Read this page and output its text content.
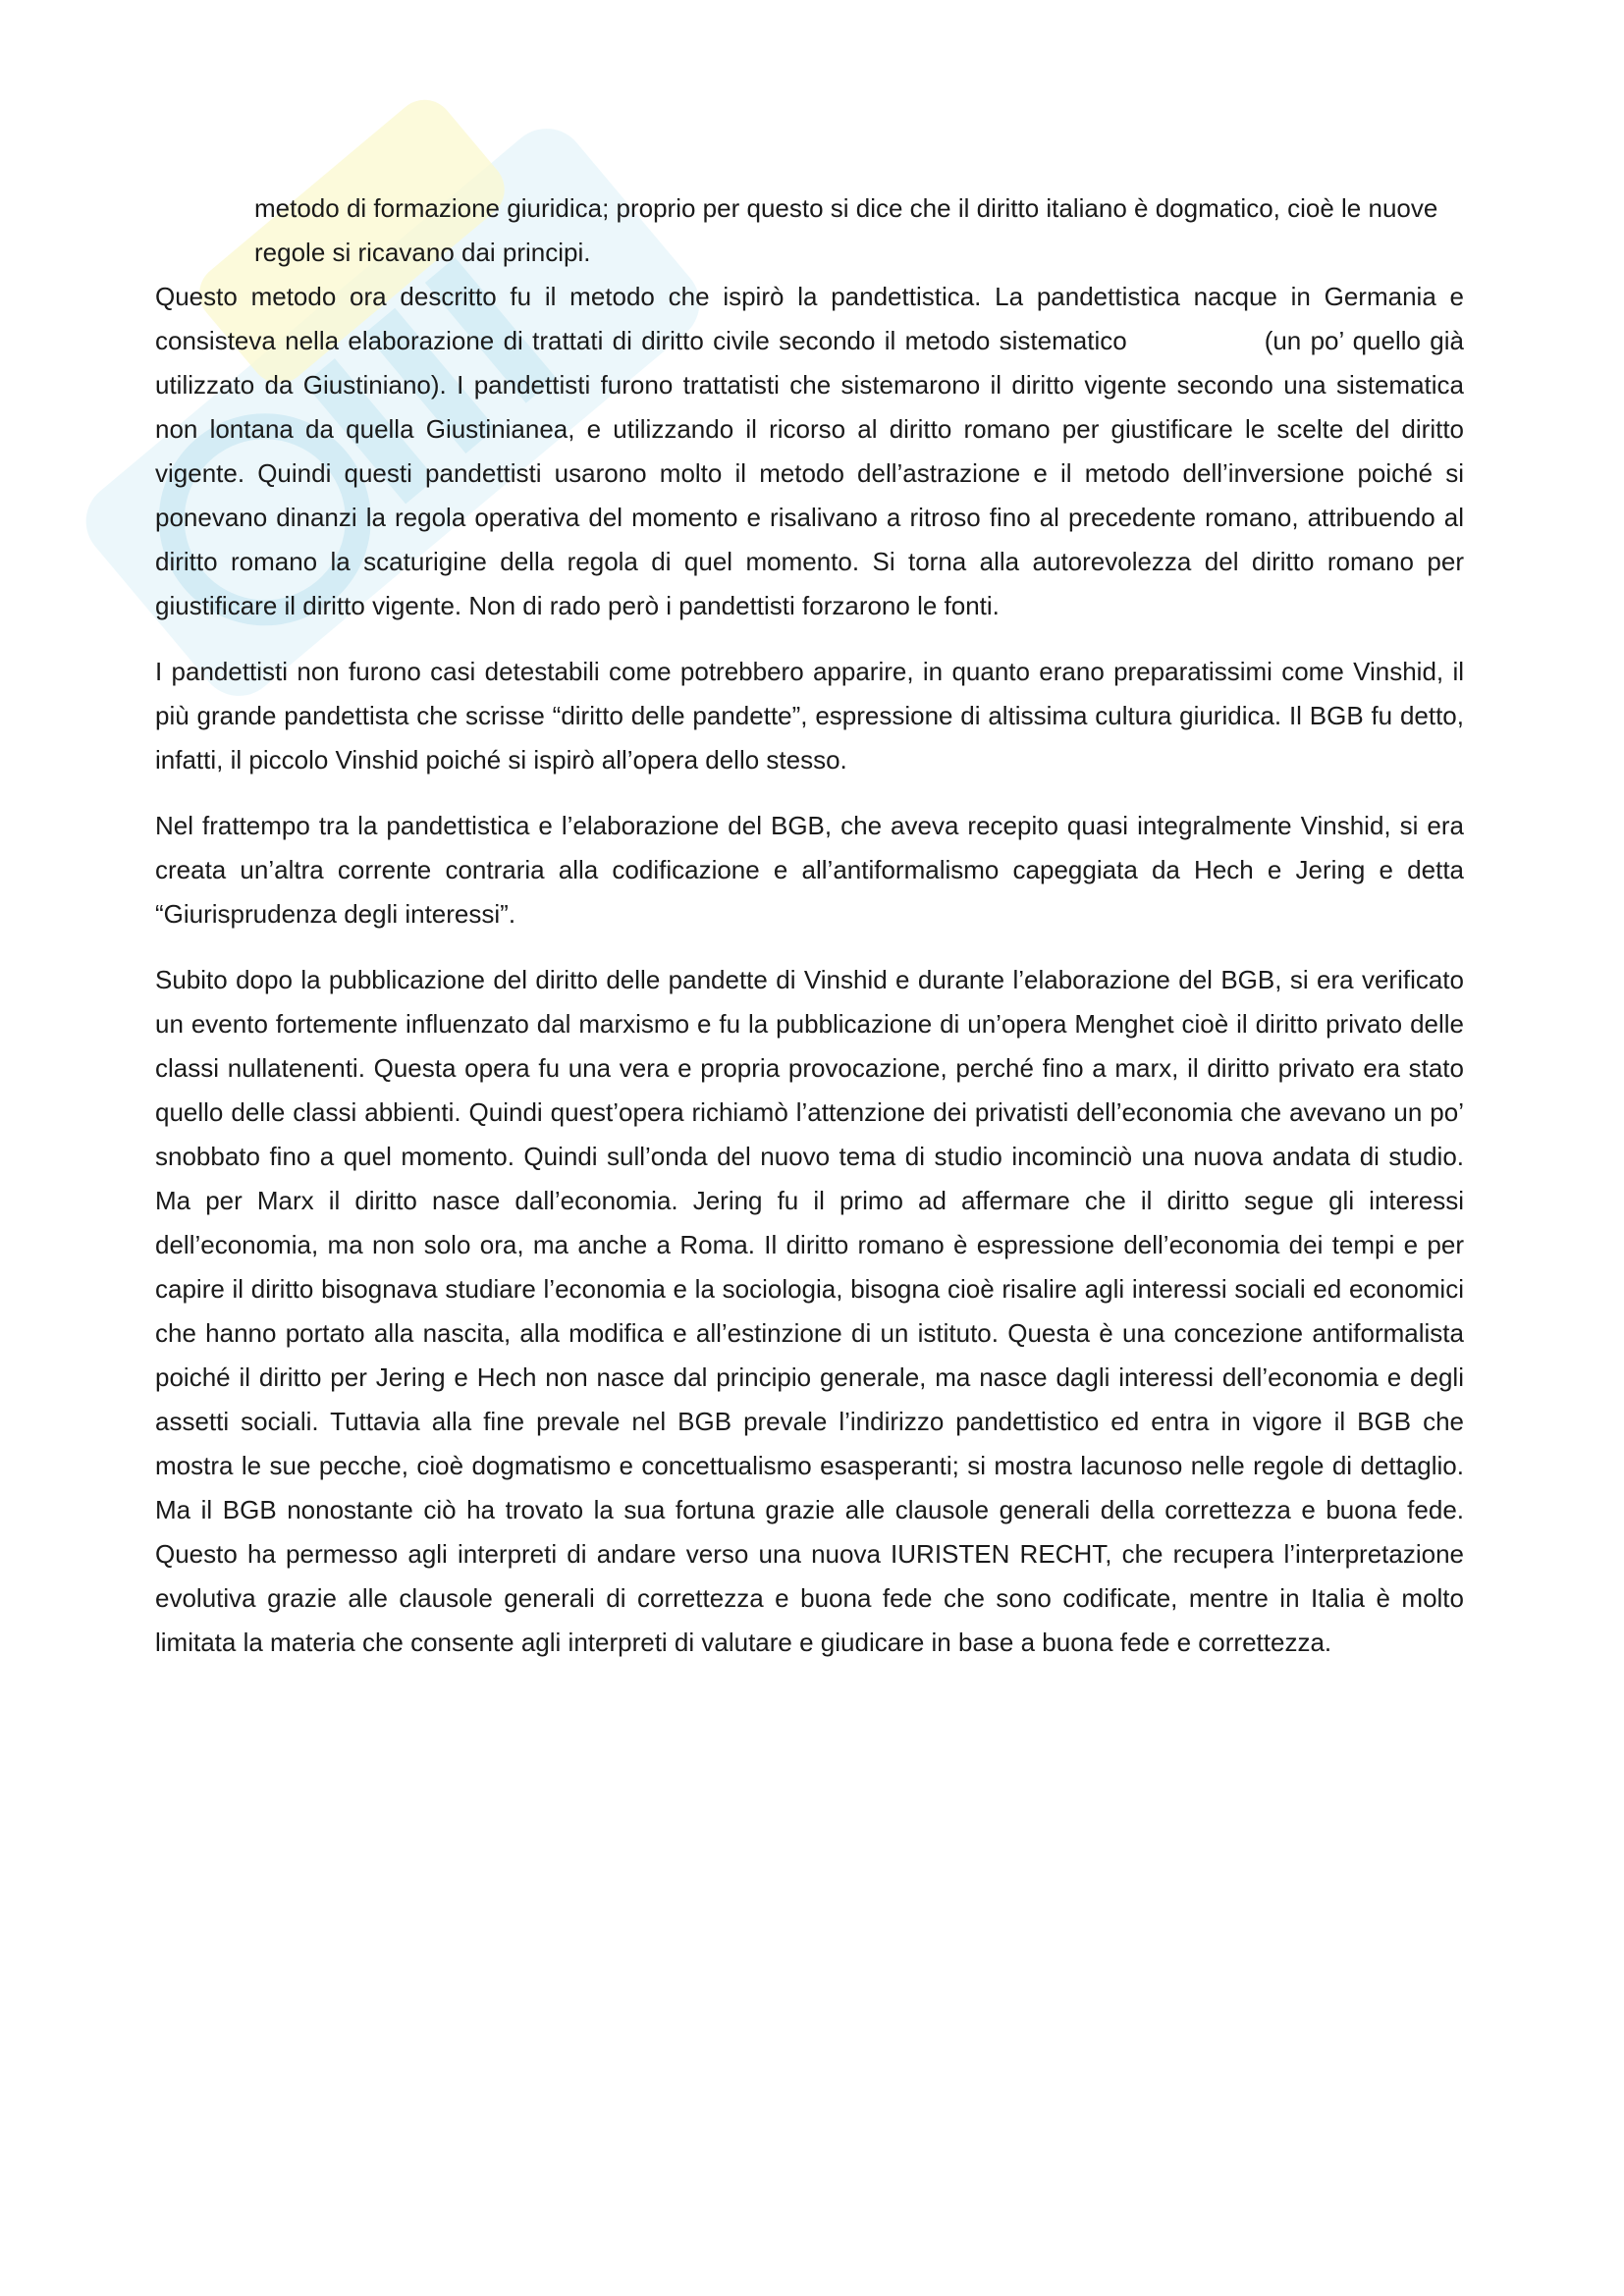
metodo di formazione giuridica; proprio per questo si dice che il diritto italiano è dogmatico, cioè le nuove regole si ricavano dai principi.

Questo metodo ora descritto fu il metodo che ispirò la pandettistica. La pandettistica nacque in Germania e consisteva nella elaborazione di trattati di diritto civile secondo il metodo sistematico	(un po’ quello già utilizzato da Giustiniano). I pandettisti furono trattatisti che sistemarono il diritto vigente secondo una sistematica non lontana da quella Giustinianea, e utilizzando il ricorso al diritto romano per giustificare le scelte del diritto vigente. Quindi questi pandettisti usarono molto il metodo dell’astrazione e il metodo dell’inversione poiché si ponevano dinanzi la regola operativa del momento e risalivano a ritroso fino al precedente romano, attribuendo al diritto romano la scaturigine della regola di quel momento. Si torna alla autorevolezza del diritto romano per giustificare il diritto vigente. Non di rado però i pandettisti forzarono le fonti.

I pandettisti non furono casi detestabili come potrebbero apparire, in quanto erano preparatissimi come Vinshid, il più grande pandettista che scrisse “diritto delle pandette”, espressione di altissima cultura giuridica. Il BGB fu detto, infatti, il piccolo Vinshid poiché si ispirò all’opera dello stesso.

Nel frattempo tra la pandettistica e l’elaborazione del BGB, che aveva recepito quasi integralmente Vinshid, si era creata un’altra corrente contraria alla codificazione e all’antiformalismo capeggiata da Hech e Jering e detta “Giurisprudenza degli interessi”.

Subito dopo la pubblicazione del diritto delle pandette di Vinshid e durante l’elaborazione del BGB, si era verificato un evento fortemente influenzato dal marxismo e fu la pubblicazione di un’opera Menghet cioè il diritto privato delle classi nullatenenti. Questa opera fu una vera e propria provocazione, perché fino a marx, il diritto privato era stato quello delle classi abbienti. Quindi quest’opera richiamò l’attenzione dei privatisti dell’economia che avevano un po’ snobbato fino a quel momento. Quindi sull’onda del nuovo tema di studio incominciò una nuova andata di studio. Ma per Marx il diritto nasce dall’economia. Jering fu il primo ad affermare che il diritto segue gli interessi dell’economia, ma non solo ora, ma anche a Roma. Il diritto romano è espressione dell’economia dei tempi e per capire il diritto bisognava studiare l’economia e la sociologia, bisogna cioè risalire agli interessi sociali ed economici che hanno portato alla nascita, alla modifica e all’estinzione di un istituto. Questa è una concezione antiformalista poiché il diritto per Jering e Hech non nasce dal principio generale, ma nasce dagli interessi dell’economia e degli assetti sociali. Tuttavia alla fine prevale nel BGB prevale l’indirizzo pandettistico ed entra in vigore il BGB che mostra le sue pecche, cioè dogmatismo e concettualismo esasperanti; si mostra lacunoso nelle regole di dettaglio. Ma il BGB nonostante ciò ha trovato la sua fortuna grazie alle clausole generali della correttezza e buona fede. Questo ha permesso agli interpreti di andare verso una nuova IURISTEN RECHT, che recupera l’interpretazione evolutiva grazie alle clausole generali di correttezza e buona fede che sono codificate, mentre in Italia è molto limitata la materia che consente agli interpreti di valutare e giudicare in base a buona fede e correttezza.
